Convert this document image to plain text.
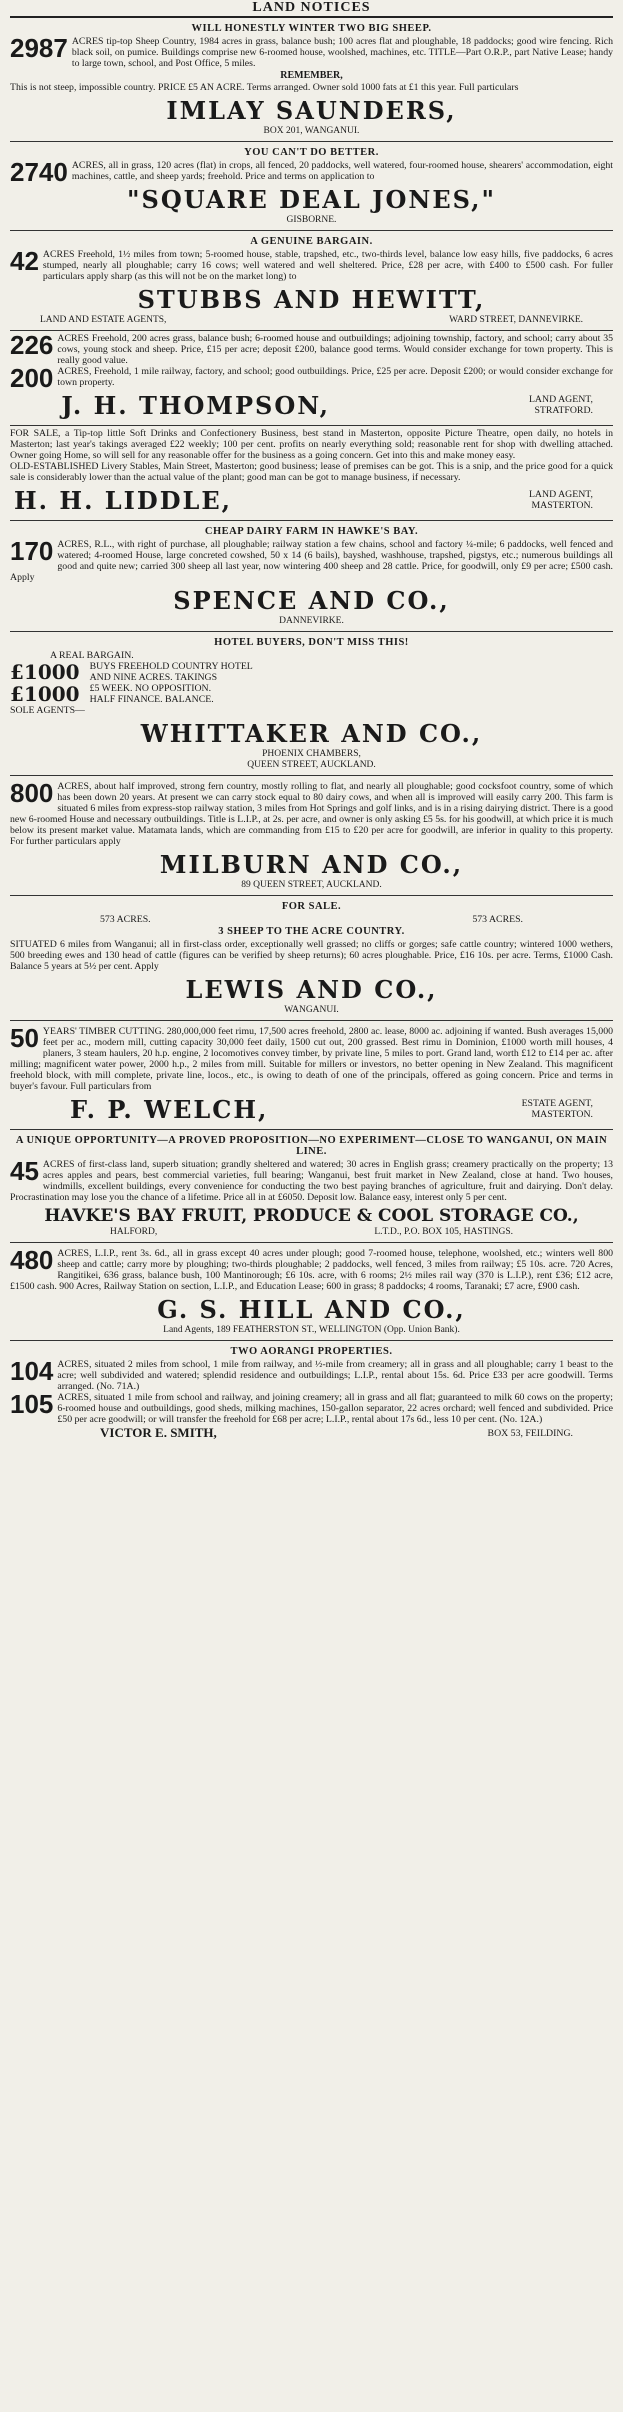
LAND NOTICES
WILL HONESTLY WINTER TWO BIG SHEEP.

2987 ACRES tip-top Sheep Country, 1984 acres in grass, balance bush; 100 acres flat and ploughable, 18 paddocks; good wire fencing. Rich black soil, on pumice. Buildings comprise new 6-roomed house, woolshed, machines, etc. TITLE—Part O.R.P., part Native Lease; handy to large town, school, and Post Office, 5 miles.

REMEMBER,

This is not steep, impossible country. PRICE £5 AN ACRE. Terms arranged. Owner sold 1000 fats at £1 this year. Full particulars

IMLAY SAUNDERS,
BOX 201, WANGANUI.
YOU CAN'T DO BETTER.

2740 ACRES, all in grass, 120 acres (flat) in crops, all fenced, 20 paddocks, well watered, four-roomed house, shearers' accommodation, eight machines, cattle, and sheep yards; freehold. Price and terms on application to

"SQUARE DEAL JONES,"
GISBORNE.
A GENUINE BARGAIN.

42 ACRES Freehold, 1½ miles from town; 5-roomed house, stable, trapshed, etc., two-thirds level, balance low easy hills, five paddocks, 6 acres stumped, nearly all ploughable; carry 16 cows; well watered and well sheltered. Price, £28 per acre, with £400 to £500 cash. For fuller particulars apply sharp (as this will not be on the market long) to

STUBBS AND HEWITT,
LAND AND ESTATE AGENTS,	WARD STREET, DANNEVIRKE.

226 ACRES Freehold, 200 acres grass, balance bush; 6-roomed house and outbuildings; adjoining township, factory, and school; carry about 35 cows, young stock and sheep. Price, £15 per acre; deposit £200, balance good terms. Would consider exchange for town property. This is really good value.

200 ACRES, Freehold, 1 mile railway, factory, and school; good outbuildings. Price, £25 per acre. Deposit £200; or would consider exchange for town property.

J. H. THOMPSON,	LAND AGENT,
STRATFORD.

FOR SALE, a Tip-top little Soft Drinks and Confectionery Business, best stand in Masterton, opposite Picture Theatre, open daily, no hotels in Masterton; last year's takings averaged £22 weekly; 100 per cent. profits on nearly everything sold; reasonable rent for shop with dwelling attached. Owner going Home, so will sell for any reasonable offer for the business as a going concern. Get into this and make money easy.

OLD-ESTABLISHED Livery Stables, Main Street, Masterton; good business; lease of premises can be got. This is a snip, and the price good for a quick sale is considerably lower than the actual value of the plant; good man can be got to manage business, if necessary.

H. H. LIDDLE,	LAND AGENT,
MASTERTON.
CHEAP DAIRY FARM IN HAWKE'S BAY.

170 ACRES, R.L., with right of purchase, all ploughable; railway station a few chains, school and factory ¼-mile; 6 paddocks, well fenced and watered; 4-roomed House, large concreted cowshed, 50 x 14 (6 bails), bayshed, washhouse, trapshed, pigstys, etc.; numerous buildings all good and quite new; carried 300 sheep all last year, now wintering 400 sheep and 28 cattle. Price, for goodwill, only £9 per acre; £500 cash. Apply

SPENCE AND CO.,
DANNEVIRKE.
HOTEL BUYERS, DON'T MISS THIS!
A REAL BARGAIN.
£1000 BUYS FREEHOLD COUNTRY HOTEL
AND NINE ACRES. TAKINGS
£1000 £5 WEEK. NO OPPOSITION.
HALF FINANCE. BALANCE.
SOLE AGENTS—
WHITTAKER AND CO.,
PHOENIX CHAMBERS,
QUEEN STREET, AUCKLAND.

800 ACRES, about half improved, strong fern country, mostly rolling to flat, and nearly all ploughable; good cocksfoot country, some of which has been down 20 years. At present we can carry stock equal to 80 dairy cows, and when all is improved will easily carry 200. This farm is situated 6 miles from express-stop railway station, 3 miles from Hot Springs and golf links, and is in a rising dairying district. There is a good new 6-roomed House and necessary outbuildings. Title is L.I.P., at 2s. per acre, and owner is only asking £5 5s. for his goodwill, at which price it is much below its present market value. Matamata lands, which are commanding from £15 to £20 per acre for goodwill, are inferior in quality to this property. For further particulars apply

MILBURN AND CO.,
89 QUEEN STREET, AUCKLAND.
FOR SALE.
573 ACRES.	573 ACRES.
3 SHEEP TO THE ACRE COUNTRY.

SITUATED 6 miles from Wanganui; all in first-class order, exceptionally well grassed; no cliffs or gorges; safe cattle country; wintered 1000 wethers, 500 breeding ewes and 130 head of cattle (figures can be verified by sheep returns); 60 acres ploughable. Price, £16 10s. per acre. Terms, £1000 Cash. Balance 5 years at 5½ per cent. Apply

LEWIS AND CO.,
WANGANUI.

50 YEARS' TIMBER CUTTING. 280,000,000 feet rimu, 17,500 acres freehold, 2800 ac. lease, 8000 ac. adjoining if wanted. Bush averages 15,000 feet per ac., modern mill, cutting capacity 30,000 feet daily, 1500 cut out, 200 grassed. Best rimu in Dominion, £1000 worth mill houses, 4 planers, 3 steam haulers, 20 h.p. engine, 2 locomotives convey timber, by private line, 5 miles to port. Grand land, worth £12 to £14 per ac. after milling; magnificent water power, 2000 h.p., 2 miles from mill. Suitable for millers or investors, no better opening in New Zealand. This magnificent freehold block, with mill complete, private line, locos., etc., is owing to death of one of the principals, offered as going concern. Price and terms in buyer's favour. Full particulars from

F. P. WELCH,	ESTATE AGENT,
MASTERTON.
A UNIQUE OPPORTUNITY—A PROVED PROPOSITION—NO EXPERIMENT—CLOSE TO WANGANUI, ON MAIN LINE.

45 ACRES of first-class land, superb situation; grandly sheltered and watered; 30 acres in English grass; creamery practically on the property; 13 acres apples and pears, best commercial varieties, full bearing; Wanganui, best fruit market in New Zealand, close at hand. Two houses, windmills, excellent buildings, every convenience for conducting the two best paying branches of agriculture, fruit and dairying. Don't delay. Procrastination may lose you the chance of a lifetime. Price all in at £6050. Deposit low. Balance easy, interest only 5 per cent.

HAVKE'S BAY FRUIT, PRODUCE & COOL STORAGE CO.,
HALFORD,	L.T.D., P.O. BOX 105, HASTINGS.

480 ACRES, L.I.P., rent 3s. 6d., all in grass except 40 acres under plough; good 7-roomed house, telephone, woolshed, etc.; winters well 800 sheep and cattle; carry more by ploughing; two-thirds ploughable; 2 paddocks, well fenced, 3 miles from railway; £5 10s. acre. 720 Acres, Rangitikei, 636 grass, balance bush, 100 Mantinorough; £6 10s. acre, with 6 rooms; 2½ miles rail way (370 is L.I.P.), rent £36; £12 acre, £1500 cash. 900 Acres, Railway Station on section, L.I.P., and Education Lease; 600 in grass; 8 paddocks; 4 rooms, Taranaki; £7 acre, £900 cash.

G. S. HILL AND CO.,
Land Agents, 189 FEATHERSTON ST., WELLINGTON (Opp. Union Bank).
TWO AORANGI PROPERTIES.

104 ACRES, situated 2 miles from school, 1 mile from railway, and ½-mile from creamery; all in grass and all ploughable; carry 1 beast to the acre; well subdivided and watered; splendid residence and outbuildings; L.I.P., rental about 15s. 6d. Price £33 per acre goodwill. Terms arranged. (No. 71A.)

105 ACRES, situated 1 mile from school and railway, and joining creamery; all in grass and all flat; guaranteed to milk 60 cows on the property; 6-roomed house and outbuildings, good sheds, milking machines, 150-gallon separator, 22 acres orchard; well fenced and subdivided. Price £50 per acre goodwill; or will transfer the freehold for £68 per acre; L.I.P., rental about 17s 6d., less 10 per cent. (No. 12A.)

VICTOR E. SMITH,	BOX 53, FEILDING.
